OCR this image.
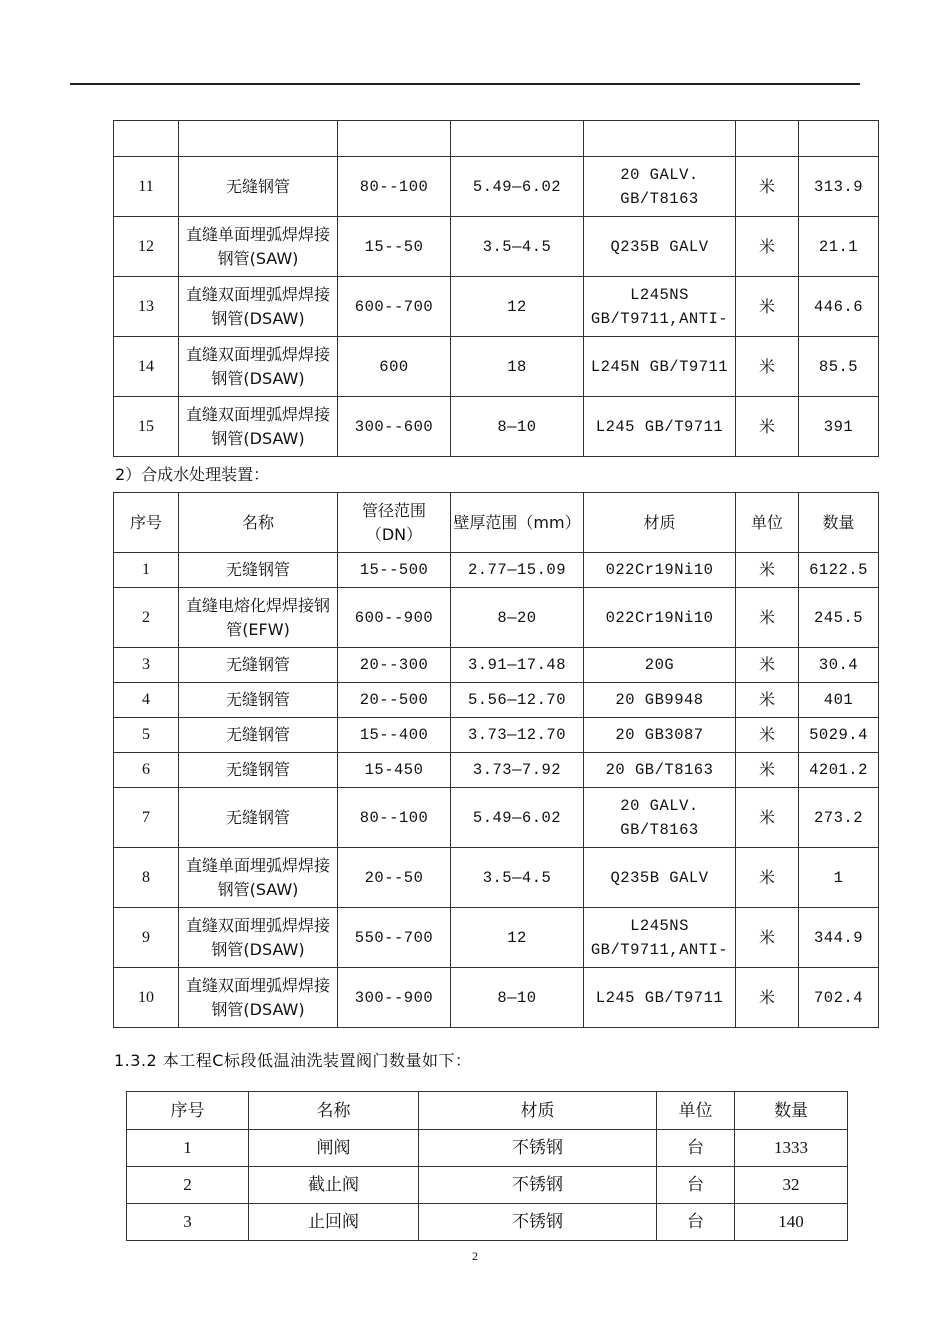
11	无缝钢管	80--100	5.49—6.02	20 GALV. GB/T8163	米	313.9
12	直缝单面埋弧焊焊接钢管(SAW)	15--50	3.5—4.5	Q235B GALV	米	21.1
13	直缝双面埋弧焊焊接钢管(DSAW)	600--700	12	L245NS GB/T9711,ANTI-	米	446.6
14	直缝双面埋弧焊焊接钢管(DSAW)	600	18	L245N GB/T9711	米	85.5
15	直缝双面埋弧焊焊接钢管(DSAW)	300--600	8—10	L245 GB/T9711	米	391
2）合成水处理装置：
序号	名称	管径范围（DN）	壁厚范围（mm）	材质	单位	数量
1	无缝钢管	15--500	2.77—15.09	022Cr19Ni10	米	6122.5
2	直缝电熔化焊焊接钢管(EFW)	600--900	8—20	022Cr19Ni10	米	245.5
3	无缝钢管	20--300	3.91—17.48	20G	米	30.4
4	无缝钢管	20--500	5.56—12.70	20 GB9948	米	401
5	无缝钢管	15--400	3.73—12.70	20 GB3087	米	5029.4
6	无缝钢管	15-450	3.73—7.92	20 GB/T8163	米	4201.2
7	无缝钢管	80--100	5.49—6.02	20 GALV. GB/T8163	米	273.2
8	直缝单面埋弧焊焊接钢管(SAW)	20--50	3.5—4.5	Q235B GALV	米	1
9	直缝双面埋弧焊焊接钢管(DSAW)	550--700	12	L245NS GB/T9711,ANTI-	米	344.9
10	直缝双面埋弧焊焊接钢管(DSAW)	300--900	8—10	L245 GB/T9711	米	702.4
1.3.2 本工程C标段低温油洗装置阀门数量如下：
序号	名称	材质	单位	数量
1	闸阀	不锈钢	台	1333
2	截止阀	不锈钢	台	32
3	止回阀	不锈钢	台	140
2
